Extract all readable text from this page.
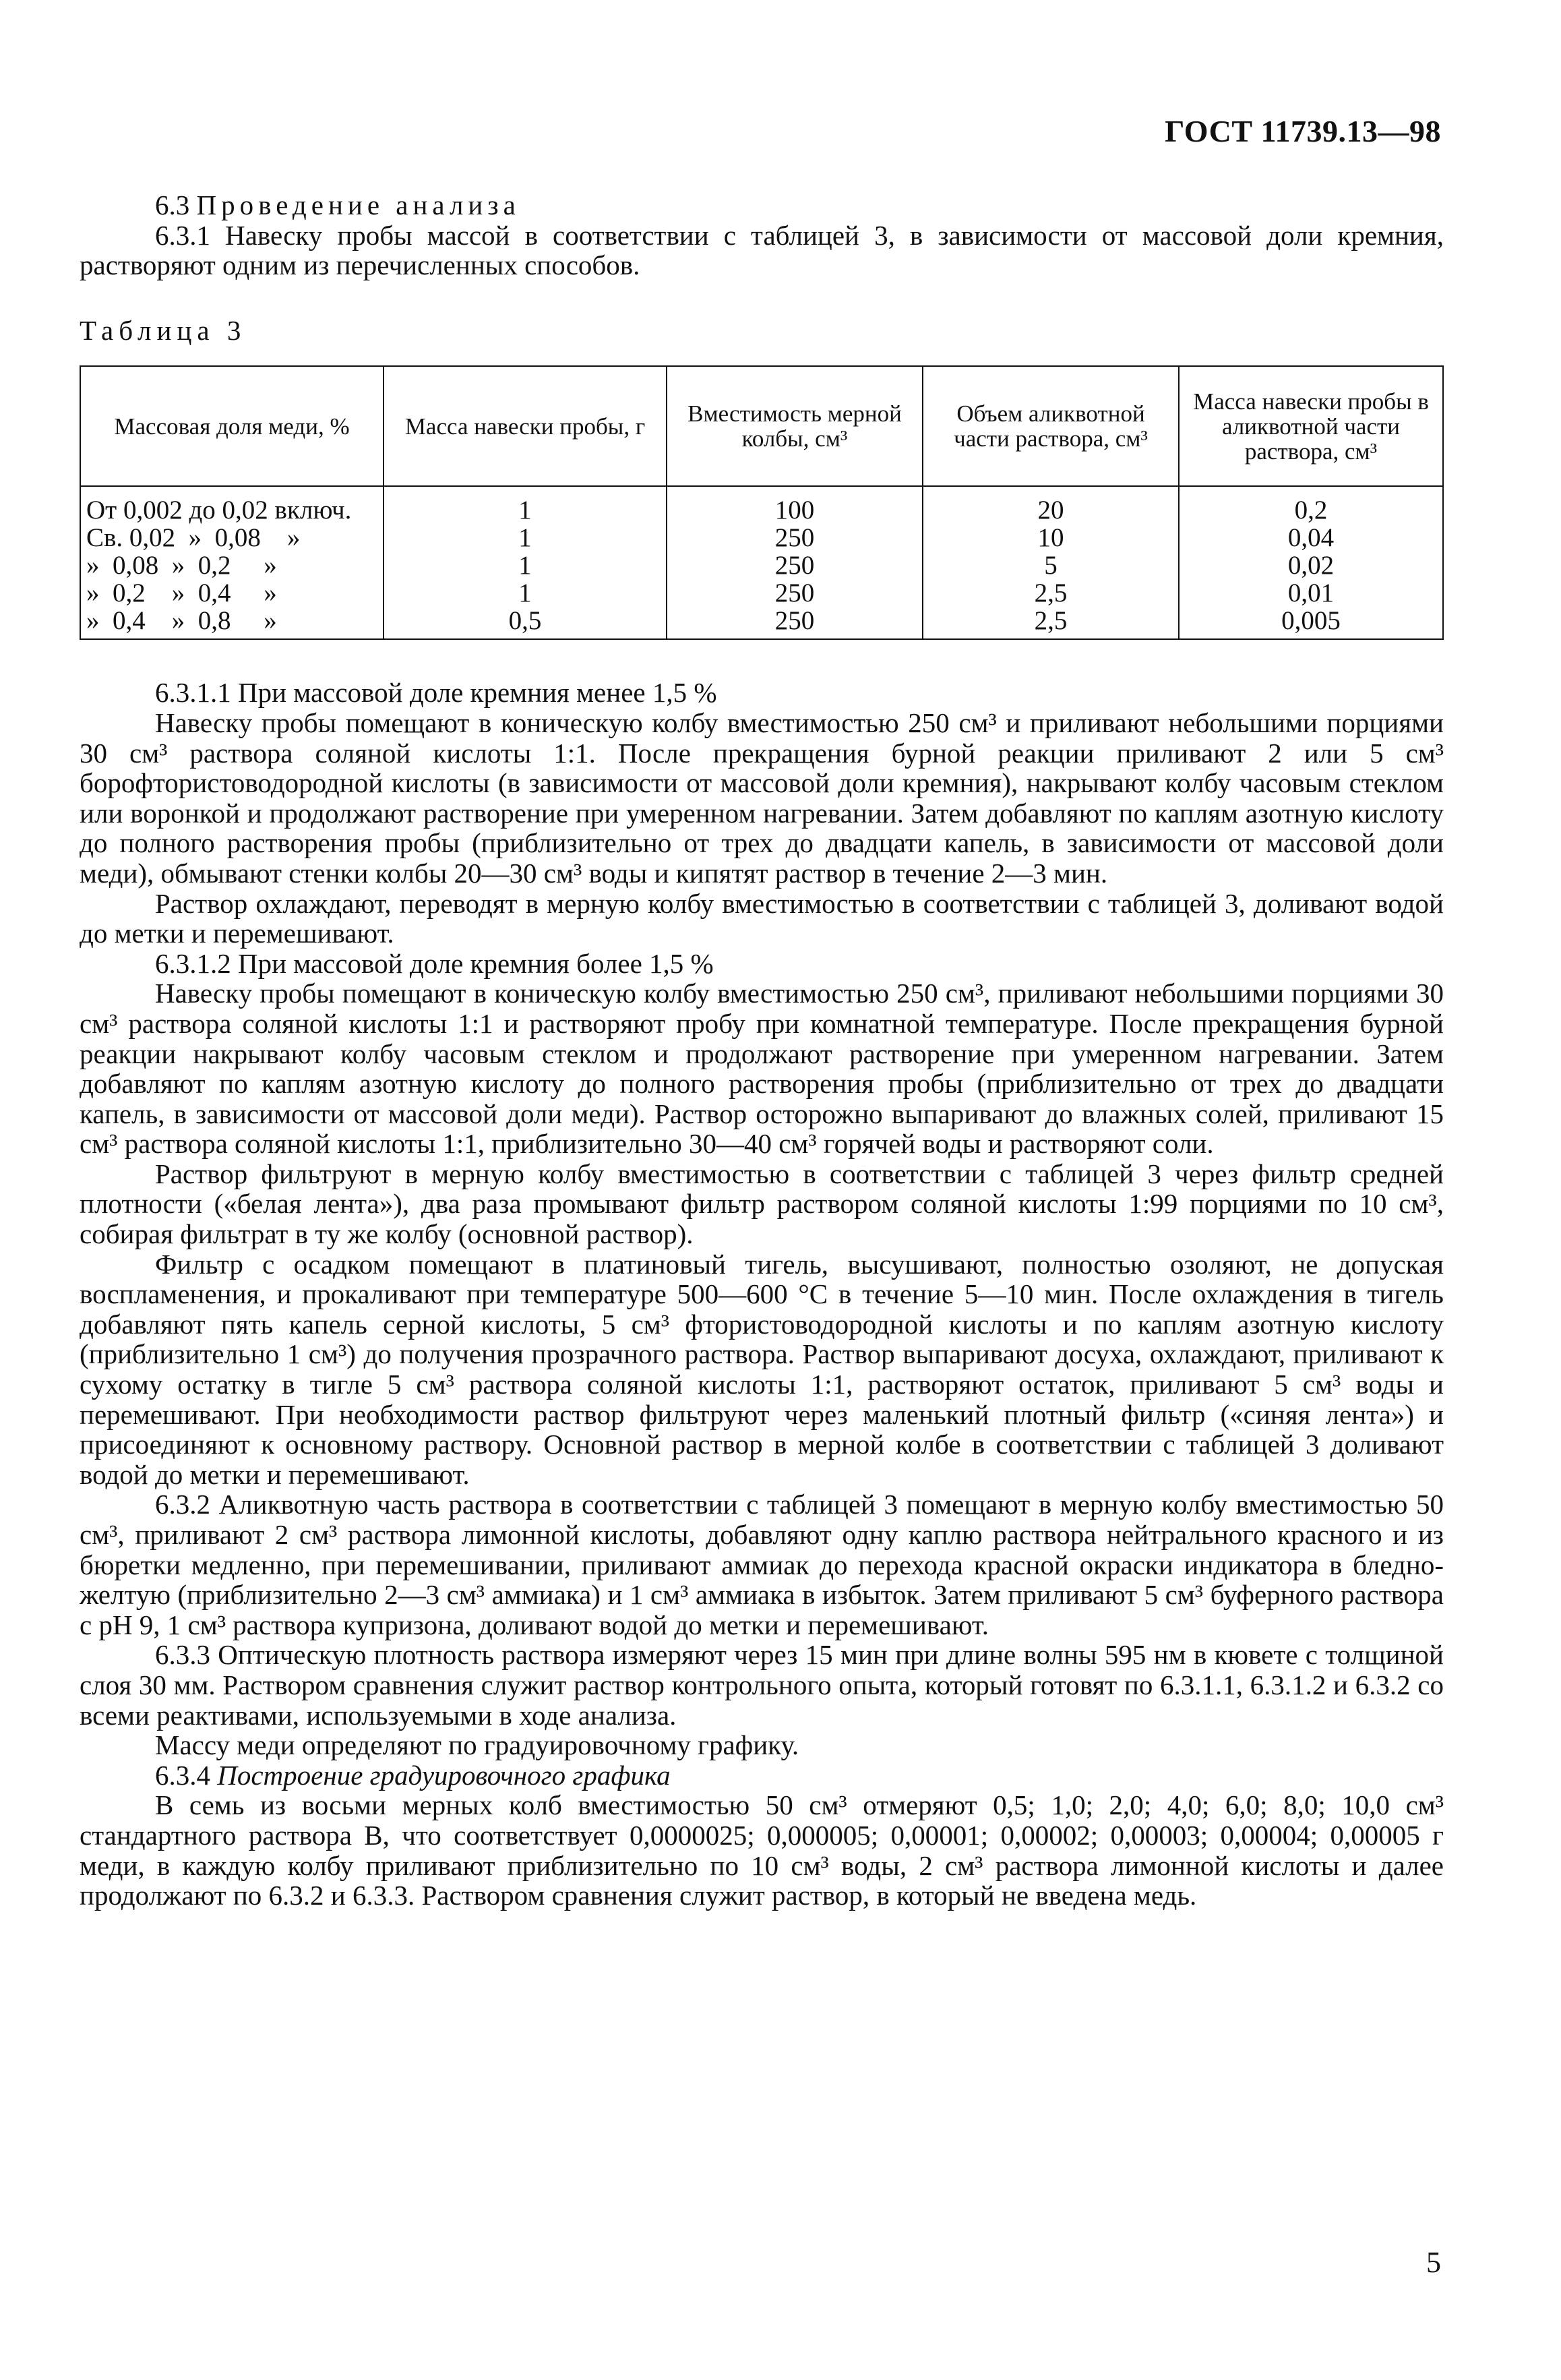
ГОСТ 11739.13—98

6.3 Проведение анализа

6.3.1 Навеску пробы массой в соответствии с таблицей 3, в зависимости от массовой доли кремния, растворяют одним из перечисленных способов.

Таблица 3

Массовая доля меди, %	Масса навески пробы, г	Вместимость мерной колбы, см³	Объем аликвотной части раствора, см³	Масса навески пробы в аликвотной части раствора, см³
От 0,002 до 0,02 включ.	1	100	20	0,2
Св. 0,02  »  0,08    »	1	250	10	0,04
»  0,08  »  0,2     »	1	250	5	0,02
»  0,2    »  0,4     »	1	250	2,5	0,01
»  0,4    »  0,8     »	0,5	250	2,5	0,005

6.3.1.1 При массовой доле кремния менее 1,5 %

Навеску пробы помещают в коническую колбу вместимостью 250 см³ и приливают небольшими порциями 30 см³ раствора соляной кислоты 1:1. После прекращения бурной реакции приливают 2 или 5 см³ борофтористоводородной кислоты (в зависимости от массовой доли кремния), накрывают колбу часовым стеклом или воронкой и продолжают растворение при умеренном нагревании. Затем добавляют по каплям азотную кислоту до полного растворения пробы (приблизительно от трех до двадцати капель, в зависимости от массовой доли меди), обмывают стенки колбы 20—30 см³ воды и кипятят раствор в течение 2—3 мин.

Раствор охлаждают, переводят в мерную колбу вместимостью в соответствии с таблицей 3, доливают водой до метки и перемешивают.

6.3.1.2 При массовой доле кремния более 1,5 %

Навеску пробы помещают в коническую колбу вместимостью 250 см³, приливают небольшими порциями 30 см³ раствора соляной кислоты 1:1 и растворяют пробу при комнатной температуре. После прекращения бурной реакции накрывают колбу часовым стеклом и продолжают растворение при умеренном нагревании. Затем добавляют по каплям азотную кислоту до полного растворения пробы (приблизительно от трех до двадцати капель, в зависимости от массовой доли меди). Раствор осторожно выпаривают до влажных солей, приливают 15 см³ раствора соляной кислоты 1:1, приблизительно 30—40 см³ горячей воды и растворяют соли.

Раствор фильтруют в мерную колбу вместимостью в соответствии с таблицей 3 через фильтр средней плотности («белая лента»), два раза промывают фильтр раствором соляной кислоты 1:99 порциями по 10 см³, собирая фильтрат в ту же колбу (основной раствор).

Фильтр с осадком помещают в платиновый тигель, высушивают, полностью озоляют, не допуская воспламенения, и прокаливают при температуре 500—600 °С в течение 5—10 мин. После охлаждения в тигель добавляют пять капель серной кислоты, 5 см³ фтористоводородной кислоты и по каплям азотную кислоту (приблизительно 1 см³) до получения прозрачного раствора. Раствор выпаривают досуха, охлаждают, приливают к сухому остатку в тигле 5 см³ раствора соляной кислоты 1:1, растворяют остаток, приливают 5 см³ воды и перемешивают. При необходимости раствор фильтруют через маленький плотный фильтр («синяя лента») и присоединяют к основному раствору. Основной раствор в мерной колбе в соответствии с таблицей 3 доливают водой до метки и перемешивают.

6.3.2 Аликвотную часть раствора в соответствии с таблицей 3 помещают в мерную колбу вместимостью 50 см³, приливают 2 см³ раствора лимонной кислоты, добавляют одну каплю раствора нейтрального красного и из бюретки медленно, при перемешивании, приливают аммиак до перехода красной окраски индикатора в бледно-желтую (приблизительно 2—3 см³ аммиака) и 1 см³ аммиака в избыток. Затем приливают 5 см³ буферного раствора с рН 9, 1 см³ раствора купризона, доливают водой до метки и перемешивают.

6.3.3 Оптическую плотность раствора измеряют через 15 мин при длине волны 595 нм в кювете с толщиной слоя 30 мм. Раствором сравнения служит раствор контрольного опыта, который готовят по 6.3.1.1, 6.3.1.2 и 6.3.2 со всеми реактивами, используемыми в ходе анализа.

Массу меди определяют по градуировочному графику.

6.3.4 Построение градуировочного графика

В семь из восьми мерных колб вместимостью 50 см³ отмеряют 0,5; 1,0; 2,0; 4,0; 6,0; 8,0; 10,0 см³ стандартного раствора В, что соответствует 0,0000025; 0,000005; 0,00001; 0,00002; 0,00003; 0,00004; 0,00005 г меди, в каждую колбу приливают приблизительно по 10 см³ воды, 2 см³ раствора лимонной кислоты и далее продолжают по 6.3.2 и 6.3.3. Раствором сравнения служит раствор, в который не введена медь.

5
